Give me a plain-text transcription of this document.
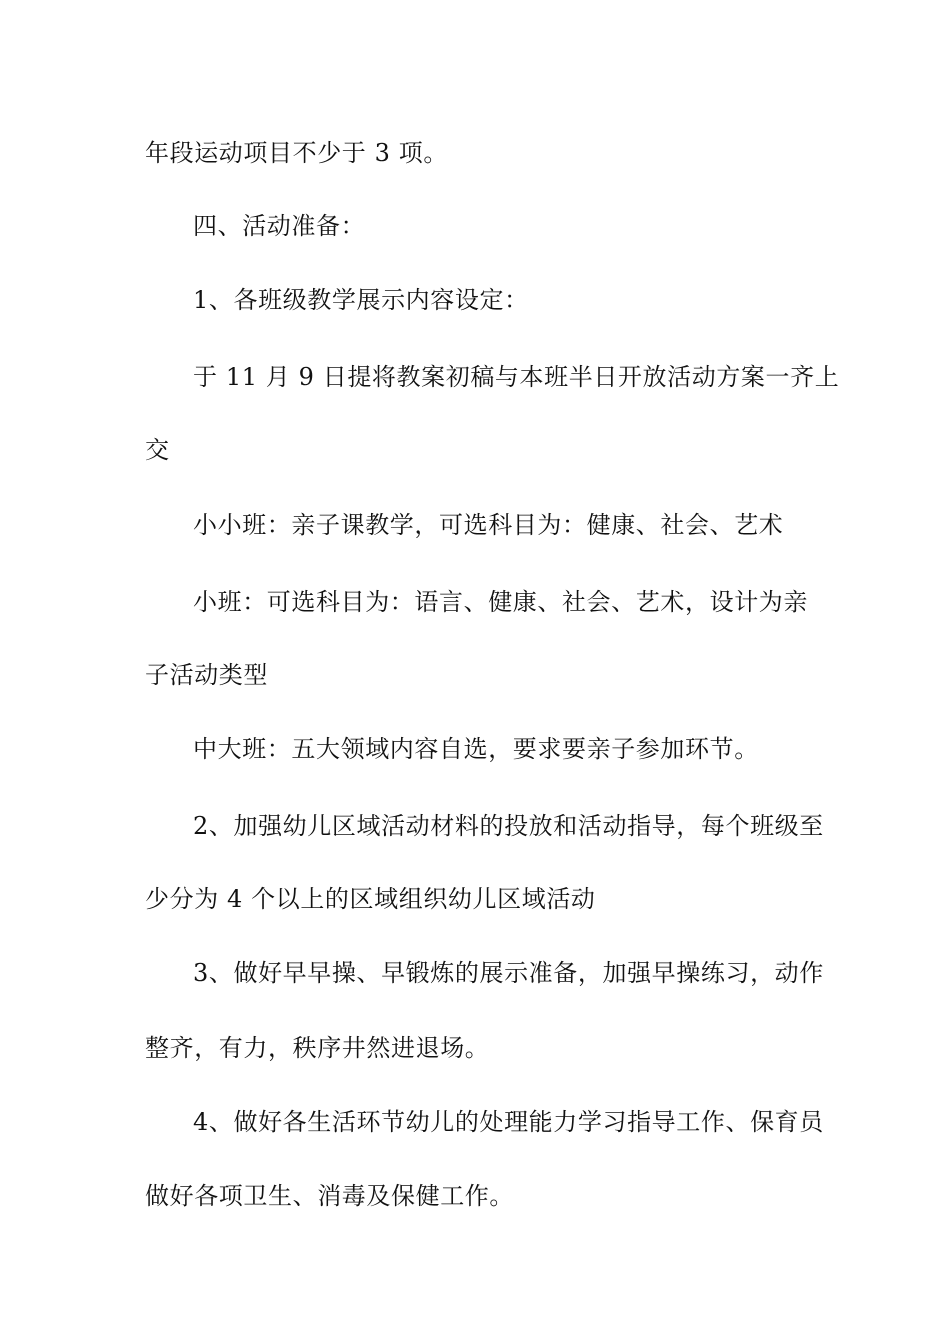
年段运动项目不少于 3 项。
四、活动准备：
1、各班级教学展示内容设定：
于 11 月 9 日提将教案初稿与本班半日开放活动方案一齐上
交
小小班：亲子课教学，可选科目为：健康、社会、艺术
小班：可选科目为：语言、健康、社会、艺术，设计为亲
子活动类型
中大班：五大领域内容自选，要求要亲子参加环节。
2、加强幼儿区域活动材料的投放和活动指导，每个班级至
少分为 4 个以上的区域组织幼儿区域活动
3、做好早早操、早锻炼的展示准备，加强早操练习，动作
整齐，有力，秩序井然进退场。
4、做好各生活环节幼儿的处理能力学习指导工作、保育员
做好各项卫生、消毒及保健工作。
